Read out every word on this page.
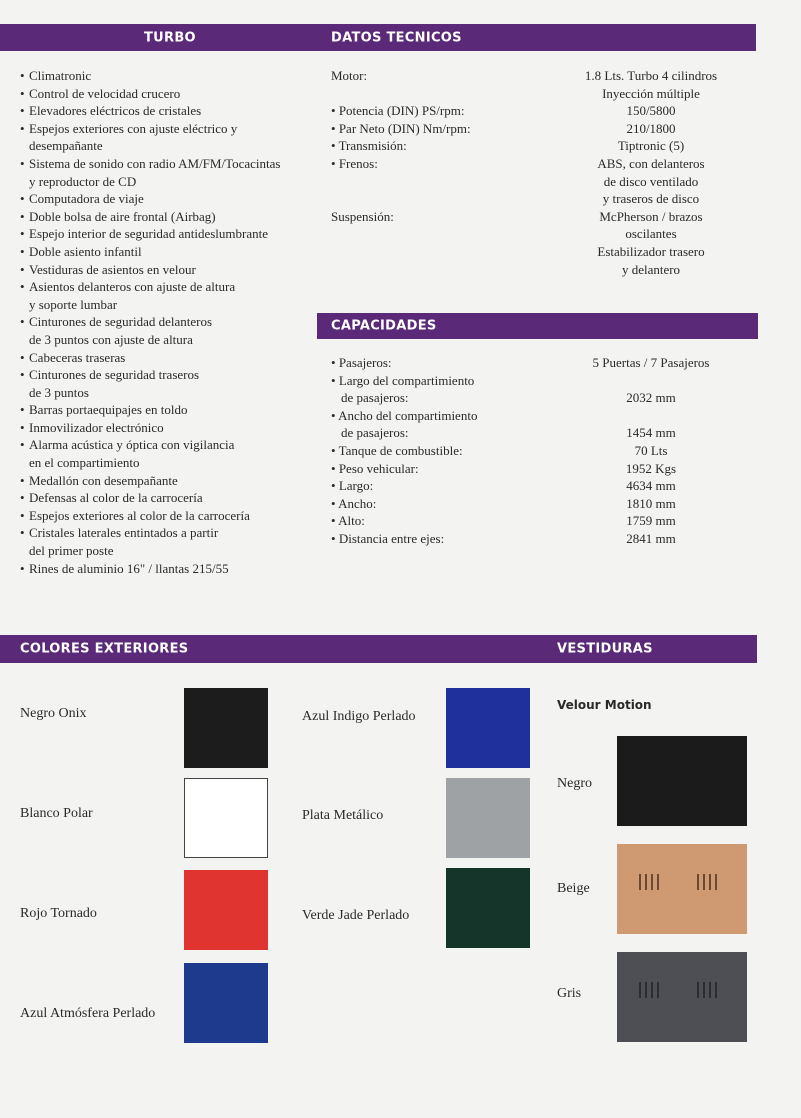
TURBO	DATOS TECNICOS
• Climatronic
• Control de velocidad crucero
• Elevadores eléctricos de cristales
• Espejos exteriores con ajuste eléctrico y
desempañante
• Sistema de sonido con radio AM/FM/Tocacintas
y reproductor de CD
• Computadora de viaje
• Doble bolsa de aire frontal (Airbag)
• Espejo interior de seguridad antideslumbrante
• Doble asiento infantil
• Vestiduras de asientos en velour
• Asientos delanteros con ajuste de altura
y soporte lumbar
• Cinturones de seguridad delanteros
de 3 puntos con ajuste de altura
• Cabeceras traseras
• Cinturones de seguridad traseros
de 3 puntos
• Barras portaequipajes en toldo
• Inmovilizador electrónico
• Alarma acústica y óptica con vigilancia
en el compartimiento
• Medallón con desempañante
• Defensas al color de la carrocería
• Espejos exteriores al color de la carrocería
• Cristales laterales entintados a partir
del primer poste
• Rines de aluminio 16" / llantas 215/55
Motor:	1.8 Lts. Turbo 4 cilindros
Inyección múltiple
• Potencia (DIN) PS/rpm:	150/5800
• Par Neto (DIN) Nm/rpm:	210/1800
• Transmisión:	Tiptronic (5)
• Frenos:	ABS, con delanteros
de disco ventilado
y traseros de disco
Suspensión:	McPherson / brazos
oscilantes
Estabilizador trasero
y delantero
CAPACIDADES
• Pasajeros:	5 Puertas / 7 Pasajeros
• Largo del compartimiento
de pasajeros:	2032 mm
• Ancho del compartimiento
de pasajeros:	1454 mm
• Tanque de combustible:	70 Lts
• Peso vehicular:	1952 Kgs
• Largo:	4634 mm
• Ancho:	1810 mm
• Alto:	1759 mm
• Distancia entre ejes:	2841 mm
COLORES EXTERIORES	VESTIDURAS
Negro Onix
Blanco Polar
Rojo Tornado
Azul Atmósfera Perlado
Azul Indigo Perlado
Plata Metálico
Verde Jade Perlado
Velour Motion
Negro
Beige
Gris
